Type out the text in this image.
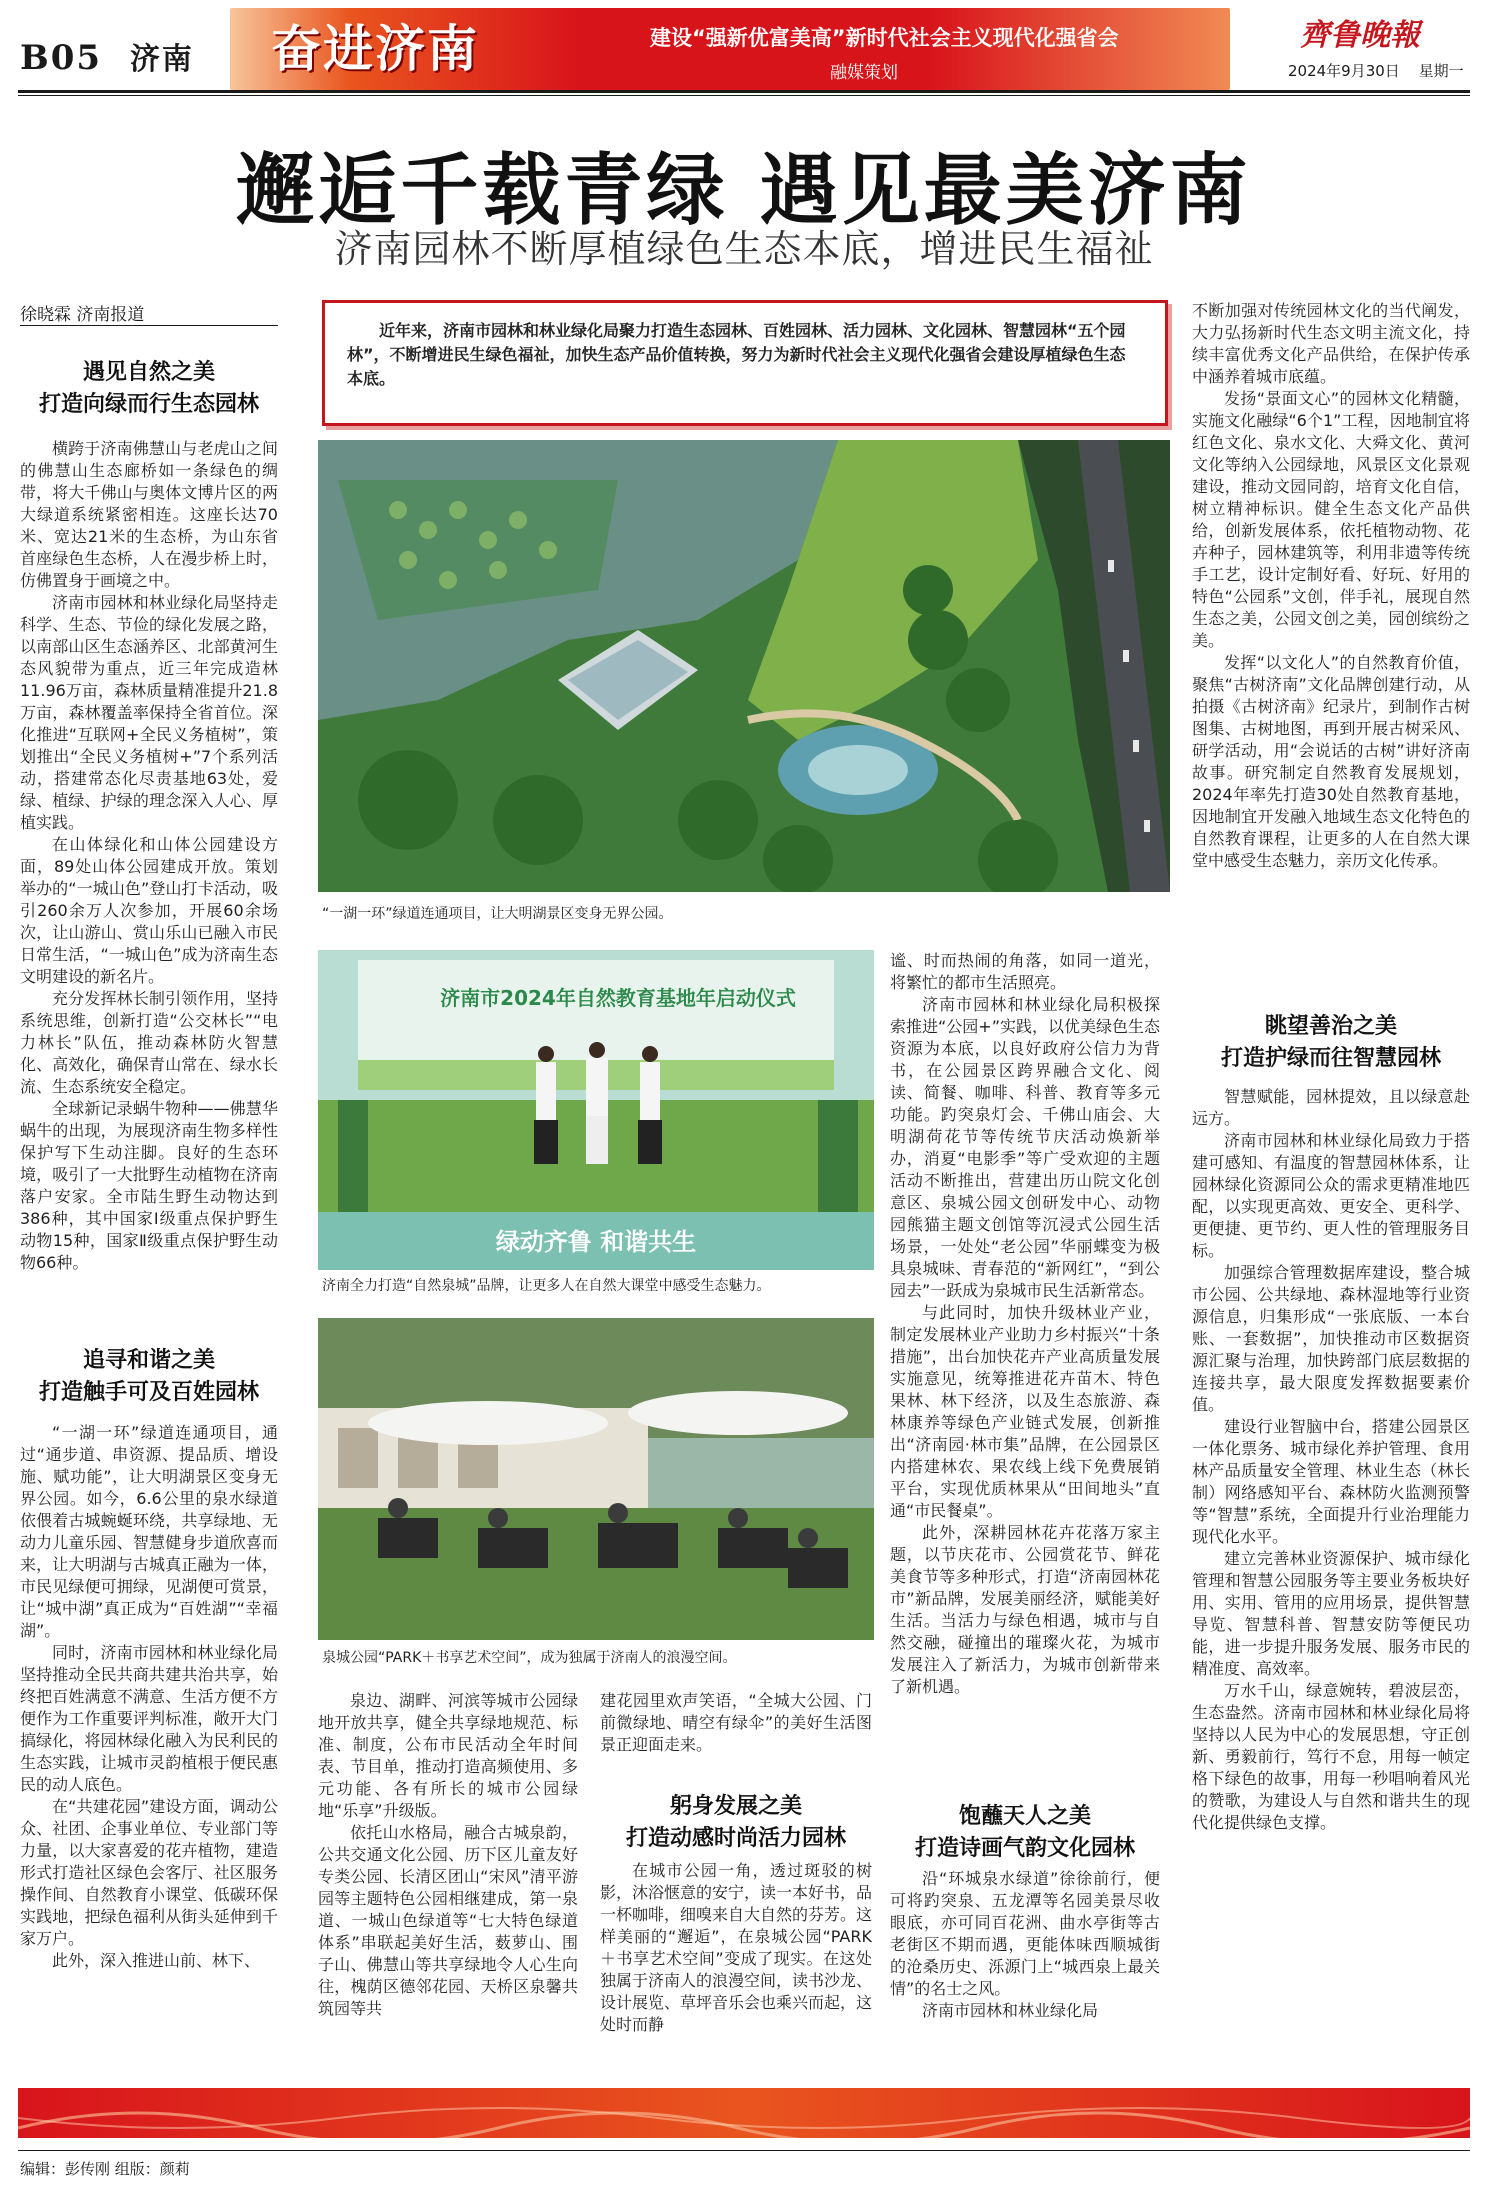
B05 济南	奋进济南	建设“强新优富美高”新时代社会主义现代化强省会
融媒策划
齊鲁晚報
2024年9月30日 星期一
邂逅千载青绿 遇见最美济南
济南园林不断厚植绿色生态本底，增进民生福祉
徐晓霖 济南报道
近年来，济南市园林和林业绿化局聚力打造生态园林、百姓园林、活力园林、文化园林、智慧园林“五个园林”，不断增进民生绿色福祉，加快生态产品价值转换，努力为新时代社会主义现代化强省会建设厚植绿色生态本底。
遇见自然之美
打造向绿而行生态园林

横跨于济南佛慧山与老虎山之间的佛慧山生态廊桥如一条绿色的绸带，将大千佛山与奥体文博片区的两大绿道系统紧密相连。这座长达70米、宽达21米的生态桥，为山东省首座绿色生态桥，人在漫步桥上时，仿佛置身于画境之中。

济南市园林和林业绿化局坚持走科学、生态、节俭的绿化发展之路，以南部山区生态涵养区、北部黄河生态风貌带为重点，近三年完成造林11.96万亩，森林质量精准提升21.8万亩，森林覆盖率保持全省首位。深化推进“互联网+全民义务植树”，策划推出“全民义务植树+”7个系列活动，搭建常态化尽责基地63处，爱绿、植绿、护绿的理念深入人心、厚植实践。

在山体绿化和山体公园建设方面，89处山体公园建成开放。策划举办的“一城山色”登山打卡活动，吸引260余万人次参加，开展60余场次，让山游山、赏山乐山已融入市民日常生活，“一城山色”成为济南生态文明建设的新名片。

充分发挥林长制引领作用，坚持系统思维，创新打造“公交林长”“电力林长”队伍，推动森林防火智慧化、高效化，确保青山常在、绿水长流、生态系统安全稳定。

全球新记录蜗牛物种——佛慧华蜗牛的出现，为展现济南生物多样性保护写下生动注脚。良好的生态环境，吸引了一大批野生动植物在济南落户安家。全市陆生野生动物达到386种，其中国家Ⅰ级重点保护野生动物15种，国家Ⅱ级重点保护野生动物66种。

追寻和谐之美
打造触手可及百姓园林

“一湖一环”绿道连通项目，通过“通步道、串资源、提品质、增设施、赋功能”，让大明湖景区变身无界公园。如今，6.6公里的泉水绿道依偎着古城蜿蜒环绕，共享绿地、无动力儿童乐园、智慧健身步道欣喜而来，让大明湖与古城真正融为一体，市民见绿便可拥绿，见湖便可赏景，让“城中湖”真正成为“百姓湖”“幸福湖”。

同时，济南市园林和林业绿化局坚持推动全民共商共建共治共享，始终把百姓满意不满意、生活方便不方便作为工作重要评判标准，敞开大门搞绿化，将园林绿化融入为民利民的生态实践，让城市灵韵植根于便民惠民的动人底色。

在“共建花园”建设方面，调动公众、社团、企事业单位、专业部门等力量，以大家喜爱的花卉植物，建造形式打造社区绿色会客厅、社区服务操作间、自然教育小课堂、低碳环保实践地，把绿色福利从街头延伸到千家万户。

此外，深入推进山前、林下、

“一湖一环”绿道连通项目，让大明湖景区变身无界公园。
济南市2024年自然教育基地年启动仪式
绿动齐鲁 和谐共生
济南全力打造“自然泉城”品牌，让更多人在自然大课堂中感受生态魅力。
泉城公园“PARK＋书享艺术空间”，成为独属于济南人的浪漫空间。

泉边、湖畔、河滨等城市公园绿地开放共享，健全共享绿地规范、标准、制度，公布市民活动全年时间表、节目单，推动打造高频使用、多元功能、各有所长的城市公园绿地“乐享”升级版。

依托山水格局，融合古城泉韵，公共交通文化公园、历下区儿童友好专类公园、长清区团山“宋风”清平游园等主题特色公园相继建成，第一泉道、一城山色绿道等“七大特色绿道体系”串联起美好生活，薮萝山、围子山、佛慧山等共享绿地令人心生向往，槐荫区德邻花园、天桥区泉馨共筑园等共

建花园里欢声笑语，“全城大公园、门前微绿地、晴空有绿伞”的美好生活图景正迎面走来。

躬身发展之美
打造动感时尚活力园林

在城市公园一角，透过斑驳的树影，沐浴惬意的安宁，读一本好书，品一杯咖啡，细嗅来自大自然的芬芳。这样美丽的“邂逅”，在泉城公园“PARK＋书享艺术空间”变成了现实。在这处独属于济南人的浪漫空间，读书沙龙、设计展览、草坪音乐会也乘兴而起，这处时而静

谧、时而热闹的角落，如同一道光，将繁忙的都市生活照亮。

济南市园林和林业绿化局积极探索推进“公园+”实践，以优美绿色生态资源为本底，以良好政府公信力为背书，在公园景区跨界融合文化、阅读、简餐、咖啡、科普、教育等多元功能。趵突泉灯会、千佛山庙会、大明湖荷花节等传统节庆活动焕新举办，消夏“电影季”等广受欢迎的主题活动不断推出，营建出历山院文化创意区、泉城公园文创研发中心、动物园熊猫主题文创馆等沉浸式公园生活场景，一处处“老公园”华丽蝶变为极具泉城味、青春范的“新网红”，“到公园去”一跃成为泉城市民生活新常态。

与此同时，加快升级林业产业，制定发展林业产业助力乡村振兴“十条措施”，出台加快花卉产业高质量发展实施意见，统筹推进花卉苗木、特色果林、林下经济，以及生态旅游、森林康养等绿色产业链式发展，创新推出“济南园·林市集”品牌，在公园景区内搭建林农、果农线上线下免费展销平台，实现优质林果从“田间地头”直通“市民餐桌”。

此外，深耕园林花卉花落万家主题，以节庆花市、公园赏花节、鲜花美食节等多种形式，打造“济南园林花市”新品牌，发展美丽经济，赋能美好生活。当活力与绿色相遇，城市与自然交融，碰撞出的璀璨火花，为城市发展注入了新活力，为城市创新带来了新机遇。

饱蘸天人之美
打造诗画气韵文化园林

沿“环城泉水绿道”徐徐前行，便可将趵突泉、五龙潭等名园美景尽收眼底，亦可同百花洲、曲水亭街等古老街区不期而遇，更能体味西顺城街的沧桑历史、泺源门上“城西泉上最关情”的名士之风。

济南市园林和林业绿化局

不断加强对传统园林文化的当代阐发，大力弘扬新时代生态文明主流文化，持续丰富优秀文化产品供给，在保护传承中涵养着城市底蕴。

发扬“景面文心”的园林文化精髓，实施文化融绿“6个1”工程，因地制宜将红色文化、泉水文化、大舜文化、黄河文化等纳入公园绿地，风景区文化景观建设，推动文园同韵，培育文化自信，树立精神标识。健全生态文化产品供给，创新发展体系，依托植物动物、花卉种子，园林建筑等，利用非遗等传统手工艺，设计定制好看、好玩、好用的特色“公园系”文创，伴手礼，展现自然生态之美，公园文创之美，园创缤纷之美。

发挥“以文化人”的自然教育价值，聚焦“古树济南”文化品牌创建行动，从拍摄《古树济南》纪录片，到制作古树图集、古树地图，再到开展古树采风、研学活动，用“会说话的古树”讲好济南故事。研究制定自然教育发展规划，2024年率先打造30处自然教育基地，因地制宜开发融入地域生态文化特色的自然教育课程，让更多的人在自然大课堂中感受生态魅力，亲历文化传承。

眺望善治之美
打造护绿而往智慧园林

智慧赋能，园林提效，且以绿意赴远方。

济南市园林和林业绿化局致力于搭建可感知、有温度的智慧园林体系，让园林绿化资源同公众的需求更精准地匹配，以实现更高效、更安全、更科学、更便捷、更节约、更人性的管理服务目标。

加强综合管理数据库建设，整合城市公园、公共绿地、森林湿地等行业资源信息，归集形成“一张底版、一本台账、一套数据”，加快推动市区数据资源汇聚与治理，加快跨部门底层数据的连接共享，最大限度发挥数据要素价值。

建设行业智脑中台，搭建公园景区一体化票务、城市绿化养护管理、食用林产品质量安全管理、林业生态（林长制）网络感知平台、森林防火监测预警等“智慧”系统，全面提升行业治理能力现代化水平。

建立完善林业资源保护、城市绿化管理和智慧公园服务等主要业务板块好用、实用、管用的应用场景，提供智慧导览、智慧科普、智慧安防等便民功能，进一步提升服务发展、服务市民的精准度、高效率。

万水千山，绿意婉转，碧波层峦，生态盎然。济南市园林和林业绿化局将坚持以人民为中心的发展思想，守正创新、勇毅前行，笃行不怠，用每一帧定格下绿色的故事，用每一秒唱响着风光的赞歌，为建设人与自然和谐共生的现代化提供绿色支撑。

编辑：彭传刚 组版：颜莉
